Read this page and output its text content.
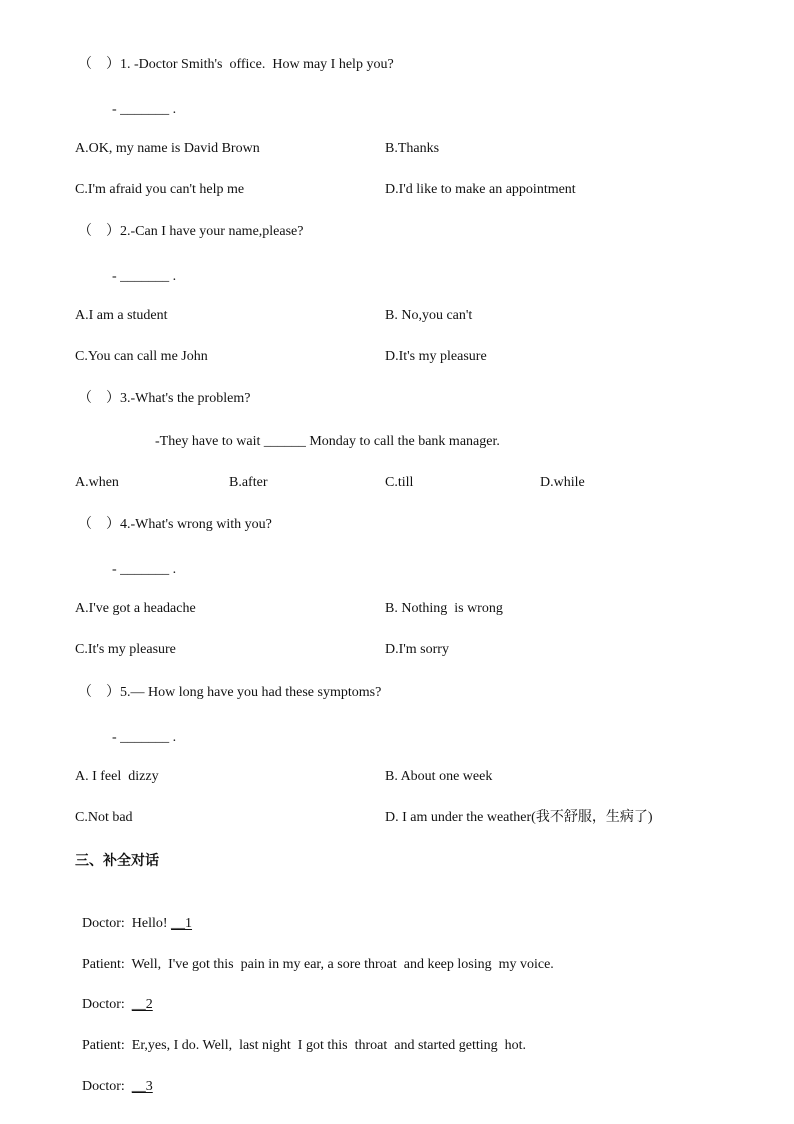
（    ）1. -Doctor Smith's  office.  How may I help you?
- _______ .
A.OK, my name is David Brown	B.Thanks
C.I'm afraid you can't help me	D.I'd like to make an appointment
（    ）2.-Can I have your name,please?
- _______ .
A.I am a student	B. No,you can't
C.You can call me John	D.It's my pleasure
（    ）3.-What's the problem?
-They have to wait ______ Monday to call the bank manager.
A.when	B.after	C.till	D.while
（    ）4.-What's wrong with you?
- _______ .
A.I've got a headache	B. Nothing  is wrong
C.It's my pleasure	D.I'm sorry
（    ）5.— How long have you had these symptoms?
- _______ .
A. I feel  dizzy	B. About one week
C.Not bad	D. I am under the weather(我不舒服，生病了)
三、补全对话

Doctor:  Hello! __1

Patient:  Well,  I've got this  pain in my ear, a sore throat  and keep losing  my voice.

Doctor:  __2

Patient:  Er,yes, I do. Well,  last night  I got this  throat  and started getting  hot.

Doctor:  __3
